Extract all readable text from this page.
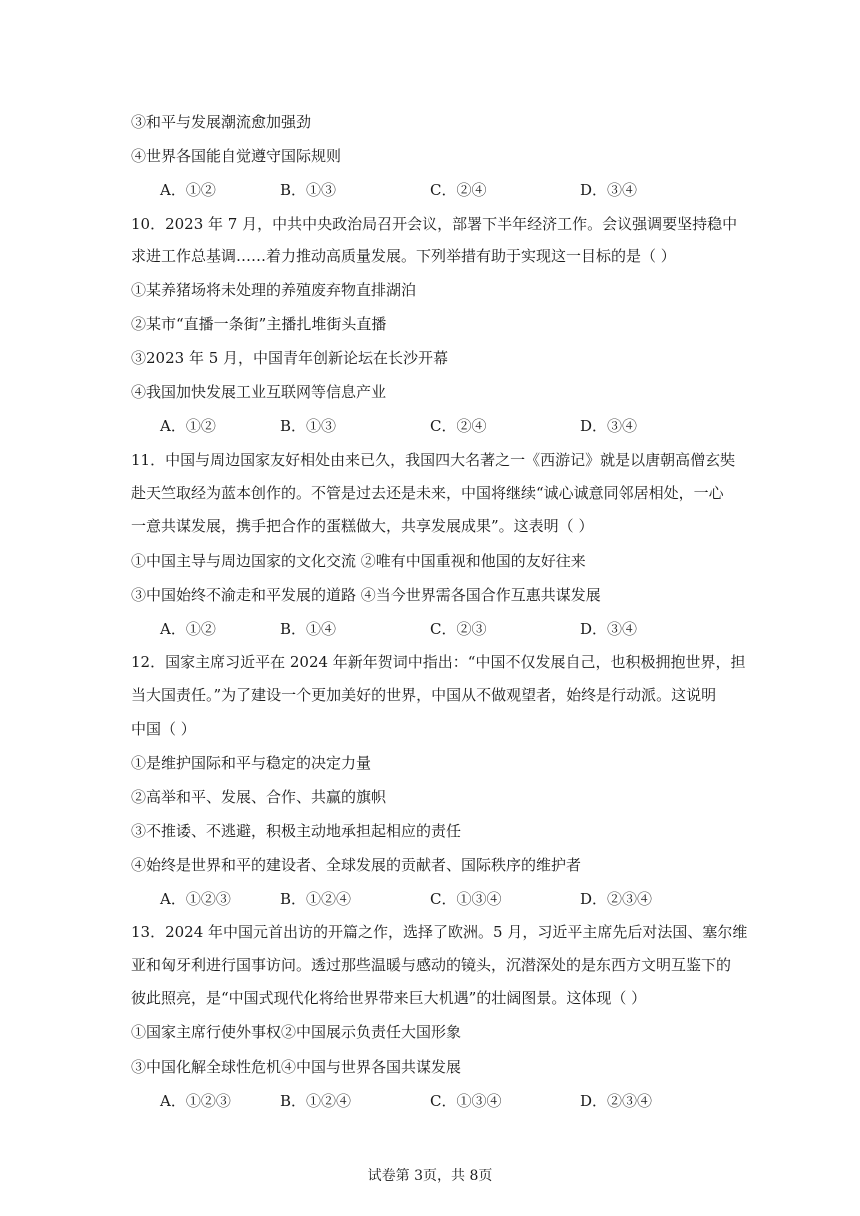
③和平与发展潮流愈加强劲
④世界各国能自觉遵守国际规则
A．①②	B．①③	C．②④	D．③④
10．2023 年 7 月，中共中央政治局召开会议，部署下半年经济工作。会议强调要坚持稳中
求进工作总基调……着力推动高质量发展。下列举措有助于实现这一目标的是（ ）
①某养猪场将未处理的养殖废弃物直排湖泊
②某市“直播一条街”主播扎堆街头直播
③2023 年 5 月，中国青年创新论坛在长沙开幕
④我国加快发展工业互联网等信息产业
A．①②	B．①③	C．②④	D．③④
11．中国与周边国家友好相处由来已久，我国四大名著之一《西游记》就是以唐朝高僧玄奘
赴天竺取经为蓝本创作的。不管是过去还是未来，中国将继续“诚心诚意同邻居相处，一心
一意共谋发展，携手把合作的蛋糕做大，共享发展成果”。这表明（ ）
①中国主导与周边国家的文化交流 ②唯有中国重视和他国的友好往来
③中国始终不渝走和平发展的道路 ④当今世界需各国合作互惠共谋发展
A．①②	B．①④	C．②③	D．③④
12．国家主席习近平在 2024 年新年贺词中指出：“中国不仅发展自己，也积极拥抱世界，担
当大国责任。”为了建设一个更加美好的世界，中国从不做观望者，始终是行动派。这说明
中国（ ）
①是维护国际和平与稳定的决定力量
②高举和平、发展、合作、共赢的旗帜
③不推诿、不逃避，积极主动地承担起相应的责任
④始终是世界和平的建设者、全球发展的贡献者、国际秩序的维护者
A．①②③	B．①②④	C．①③④	D．②③④
13．2024 年中国元首出访的开篇之作，选择了欧洲。5 月，习近平主席先后对法国、塞尔维
亚和匈牙利进行国事访问。透过那些温暖与感动的镜头，沉潜深处的是东西方文明互鉴下的
彼此照亮，是“中国式现代化将给世界带来巨大机遇”的壮阔图景。这体现（ ）
①国家主席行使外事权②中国展示负责任大国形象
③中国化解全球性危机④中国与世界各国共谋发展
A．①②③	B．①②④	C．①③④	D．②③④
试卷第 3页，共 8页
